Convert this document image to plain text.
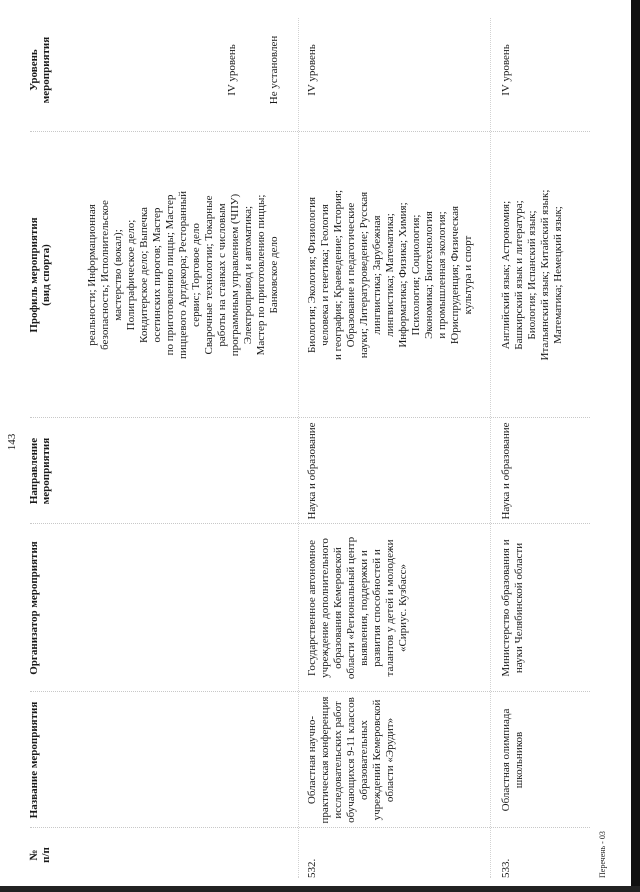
143
№ п/п
Название мероприятия
Организатор мероприятия
Направление мероприятия
Профиль мероприятия (вид спорта)
Уровень мероприятия
реальности; Информационная безопасность; Исполнительское мастерство (вокал); Полиграфическое дело; Кондитерское дело; Выпечка осетинских пирогов; Мастер по приготовлению пиццы; Мастер пиццевого Артдекора; Ресторанный сервис; Торговое дело Сварочные технологии; Токарные работы на станках с числовым программным управлением (ЧПУ) Электропривод и автоматика; Мастер по приготовлению пиццы; Банковское дело
IV уровень	Не установлен
532.
Областная научно- практическая конференция исследовательских работ обучающихся 9-11 классов образовательных учреждений Кемеровской области «Эрудит»
Государственное автономное учреждение дополнительного образования Кемеровской области «Региональный центр выявления, поддержки и развития способностей и талантов у детей и молодежи «Сириус. Кузбасс»
Наука и образование
Биология; Экология; Физиология человека и генетика; Геология и география; Краеведение; История; Образование и педагогические науки; Литературоведение; Русская лингвистика; Зарубежная лингвистика; Математика; Информатика; Физика; Химия; Психология; Социология; Экономика; Биотехнология и промышленная экология; Юриспруденция; Физическая культура и спорт
IV уровень
533.
Областная олимпиада школьников
Министерство образования и науки Челябинской области
Наука и образование
Английский язык; Астрономия; Башкирский язык и литература; Биология; Испанский язык; Итальянский язык; Китайский язык; Математика; Немецкий язык;
IV уровень
Перечень - 03
